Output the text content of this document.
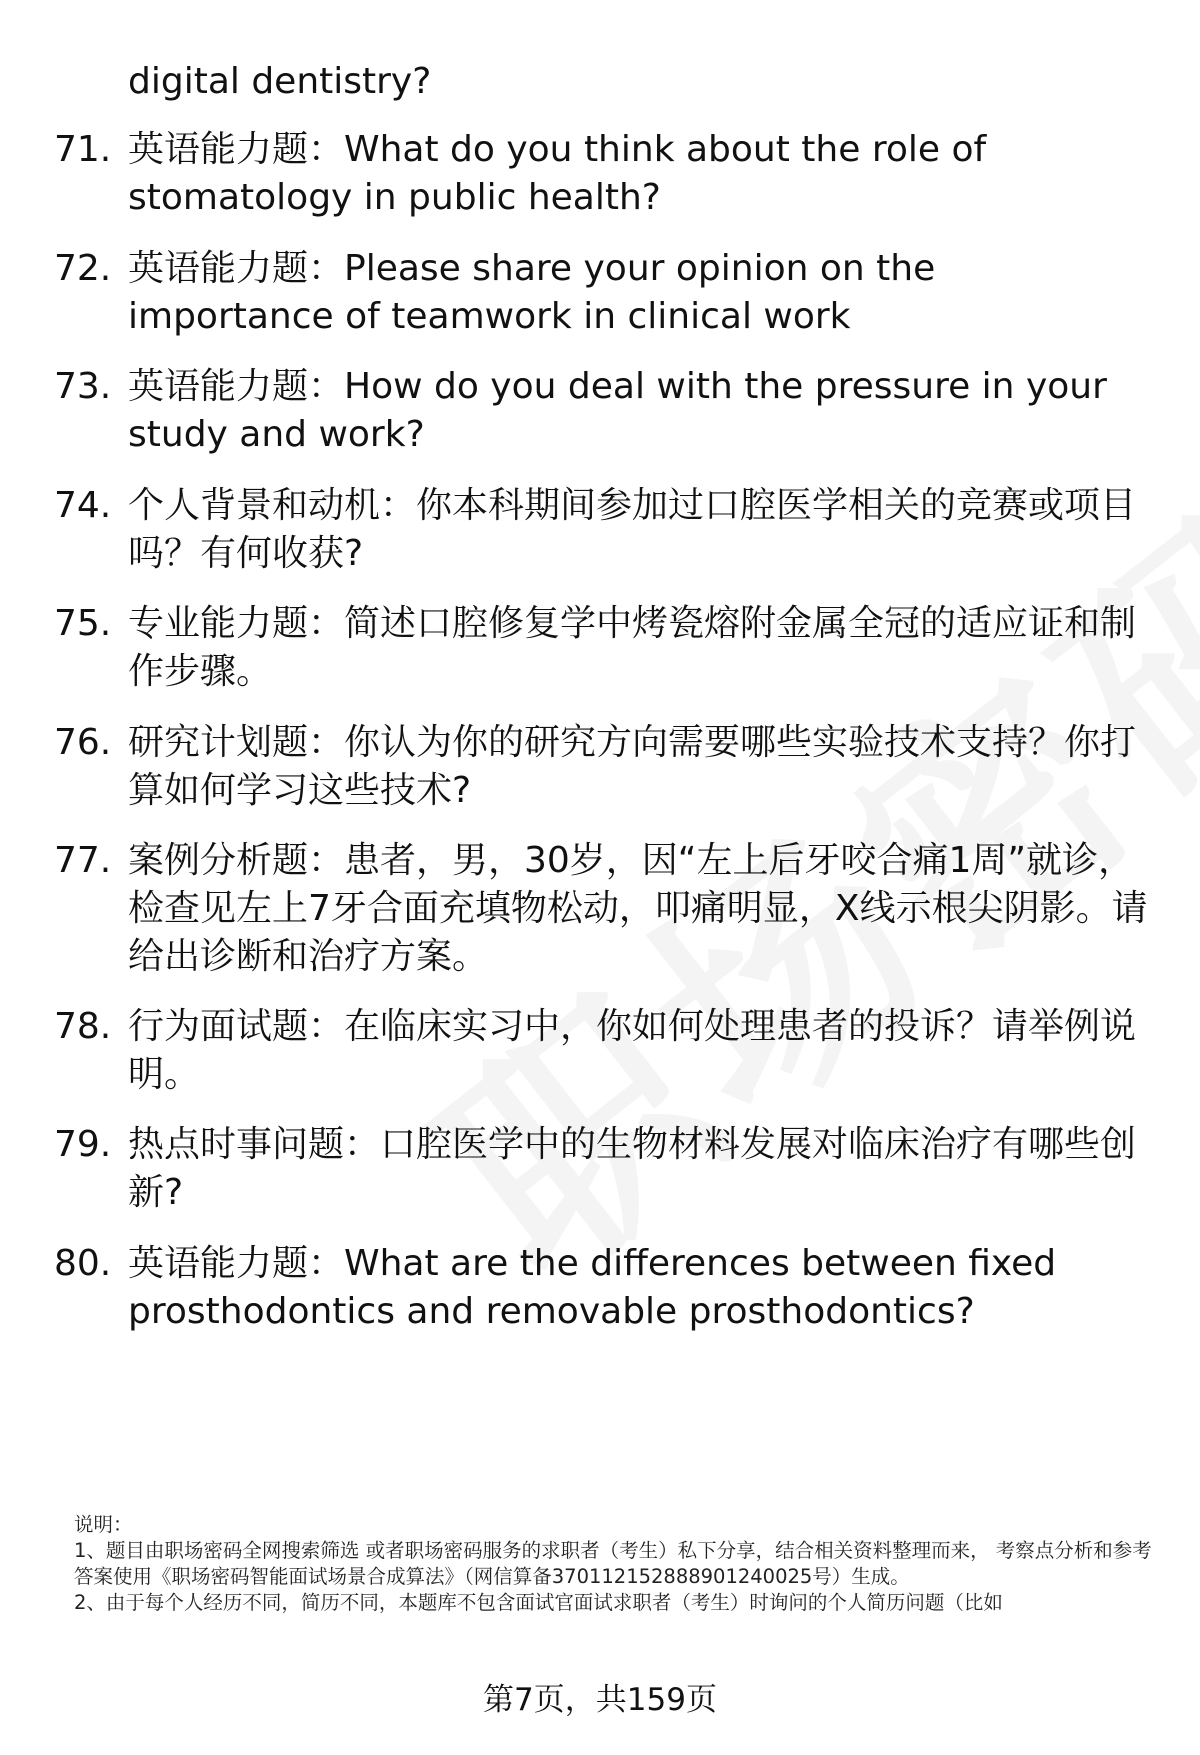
digital dentistry?
71. 英语能力题：What do you think about the role of stomatology in public health?
72. 英语能力题：Please share your opinion on the importance of teamwork in clinical work
73. 英语能力题：How do you deal with the pressure in your study and work?
74. 个人背景和动机：你本科期间参加过口腔医学相关的竞赛或项目吗？有何收获?
75. 专业能力题：简述口腔修复学中烤瓷熔附金属全冠的适应证和制作步骤。
76. 研究计划题：你认为你的研究方向需要哪些实验技术支持？你打算如何学习这些技术?
77. 案例分析题：患者，男，30岁，因“左上后牙咬合痛1周”就诊，检查见左上7牙合面充填物松动，叩痛明显，X线示根尖阴影。请给出诊断和治疗方案。
78. 行为面试题：在临床实习中，你如何处理患者的投诉？请举例说明。
79. 热点时事问题：口腔医学中的生物材料发展对临床治疗有哪些创新?
80. 英语能力题：What are the differences between fixed prosthodontics and removable prosthodontics?

说明：

1、题目由职场密码全网搜索筛选 或者职场密码服务的求职者（考生）私下分享，结合相关资料整理而来， 考察点分析和参考答案使用《职场密码智能面试场景合成算法》（网信算备370112152888901240025号）生成。

2、由于每个人经历不同，简历不同，本题库不包含面试官面试求职者（考生）时询问的个人简历问题（比如

第7页，共159页
